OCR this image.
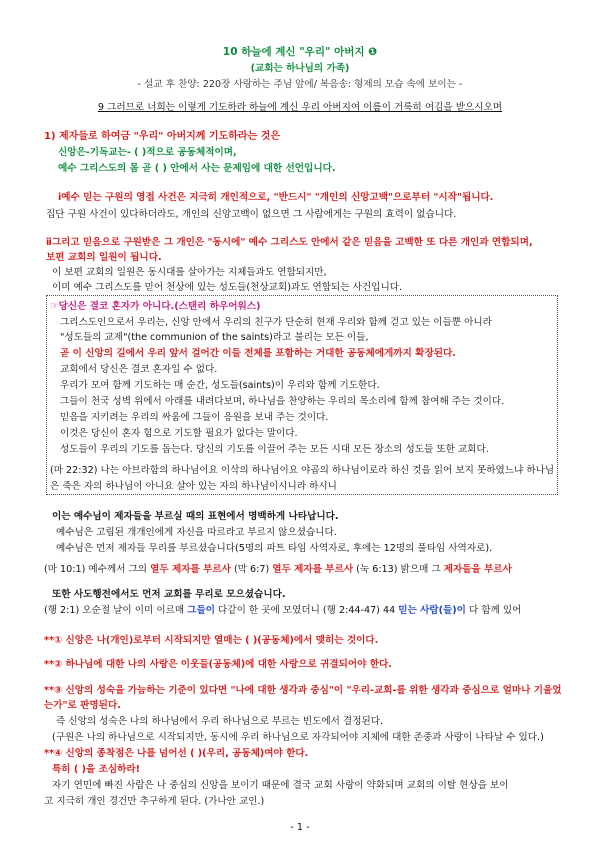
10 하늘에 계신 "우리" 아버지 ❶
(교회는 하나님의 가족)
- 설교 후 찬양: 220장 사랑하는 주님 앞에/ 복음송: 형제의 모습 속에 보이는 -
9 그러므로 너희는 이렇게 기도하라 하늘에 계신 우리 아버지여 이름이 거룩히 여김을 받으시오며
1) 제자들로 하여금 "우리" 아버지께 기도하라는 것은
신앙은-기독교는- ( )적으로 공동체적이며,
예수 그리스도의 몸 곧 ( ) 안에서 사는 문제임에 대한 선언입니다.
ⅰ예수 믿는 구원의 영접 사건은 지극히 개인적으로, "반드시" "개인의 신앙고백"으로부터 "시작"됩니다.
집단 구원 사건이 있다하더라도, 개인의 신앙고백이 없으면 그 사람에게는 구원의 효력이 없습니다.
ⅱ그리고 믿음으로 구원받은 그 개인은 "동시에" 예수 그리스도 안에서 같은 믿음을 고백한 또 다른 개인과 연합되며,
보편 교회의 일원이 됩니다.
이 보편 교회의 일원은 동시대를 살아가는 지체들과도 연합되지만,
이미 예수 그리스도를 믿어 천상에 있는 성도들(천상교회)과도 연합되는 사건입니다.
☞당신은 결코 혼자가 아니다.(스탠리 하우어워스)
그리스도인으로서 우리는, 신앙 안에서 우리의 친구가 단순히 현재 우리와 함께 걷고 있는 이들뿐 아니라
"성도들의 교제"(the communion of the saints)라고 불리는 모든 이들,
곧 이 신앙의 길에서 우리 앞서 걸어간 이들 전체를 포함하는 거대한 공동체에게까지 확장된다.
교회에서 당신은 결코 혼자일 수 없다.
우리가 모여 함께 기도하는 매 순간, 성도들(saints)이 우리와 함께 기도한다.
그들이 천국 성벽 위에서 아래를 내려다보며, 하나님을 찬양하는 우리의 목소리에 함께 참여해 주는 것이다.
믿음을 지키려는 우리의 싸움에 그들이 응원을 보내 주는 것이다.
이것은 당신이 혼자 힘으로 기도할 필요가 없다는 말이다.
성도들이 우리의 기도를 돕는다. 당신의 기도를 이끌어 주는 모든 시대 모든 장소의 성도들 또한 교회다.
(마 22:32) 나는 아브라함의 하나님이요 이삭의 하나님이요 야곱의 하나님이로라 하신 것을 읽어 보지 못하였느냐 하나님
은 죽은 자의 하나님이 아니요 살아 있는 자의 하나님이시니라 하시니
이는 예수님이 제자들을 부르실 때의 표현에서 명백하게 나타납니다.
예수님은 고립된 개개인에게 자신을 따르라고 부르지 않으셨습니다.
예수님은 먼저 제자들 무리를 부르셨습니다(5명의 파트 타임 사역자로, 후에는 12명의 풀타임 사역자로).
(마 10:1) 예수께서 그의 열두 제자를 부르사 (막 6:7) 열두 제자를 부르사 (눅 6:13) 밝으매 그 제자들을 부르사
또한 사도행전에서도 먼저 교회를 무리로 모으셨습니다.
(행 2:1) 오순절 날이 이미 이르매 그들이 다같이 한 곳에 모였더니 (행 2:44-47) 44 믿는 사람(들)이 다 함께 있어
**① 신앙은 나(개인)로부터 시작되지만 열매는 ( )(공동체)에서 맺히는 것이다.
**② 하나님에 대한 나의 사랑은 이웃들(공동체)에 대한 사랑으로 귀결되어야 한다.
**③ 신앙의 성숙을 가늠하는 기준이 있다면 "나에 대한 생각과 중심"이 "우리-교회-를 위한 생각과 중심으로 얼마나 기울었
는가"로 판명된다.
즉 신앙의 성숙은 나의 하나님에서 우리 하나님으로 부르는 빈도에서 결정된다.
(구원은 나의 하나님으로 시작되지만, 동시에 우리 하나님으로 자각되어야 지체에 대한 존중과 사랑이 나타날 수 있다.)
**④ 신앙의 종착점은 나를 넘어선 ( )(우리, 공동체)여야 한다.
특히 ( )을 조심하라!
자기 연민에 빠진 사람은 나 중심의 신앙을 보이기 때문에 결국 교회 사랑이 약화되며 교회의 이탈 현상을 보이
고 지극히 개인 경건만 추구하게 된다. (가나안 교인.)
- 1 -
